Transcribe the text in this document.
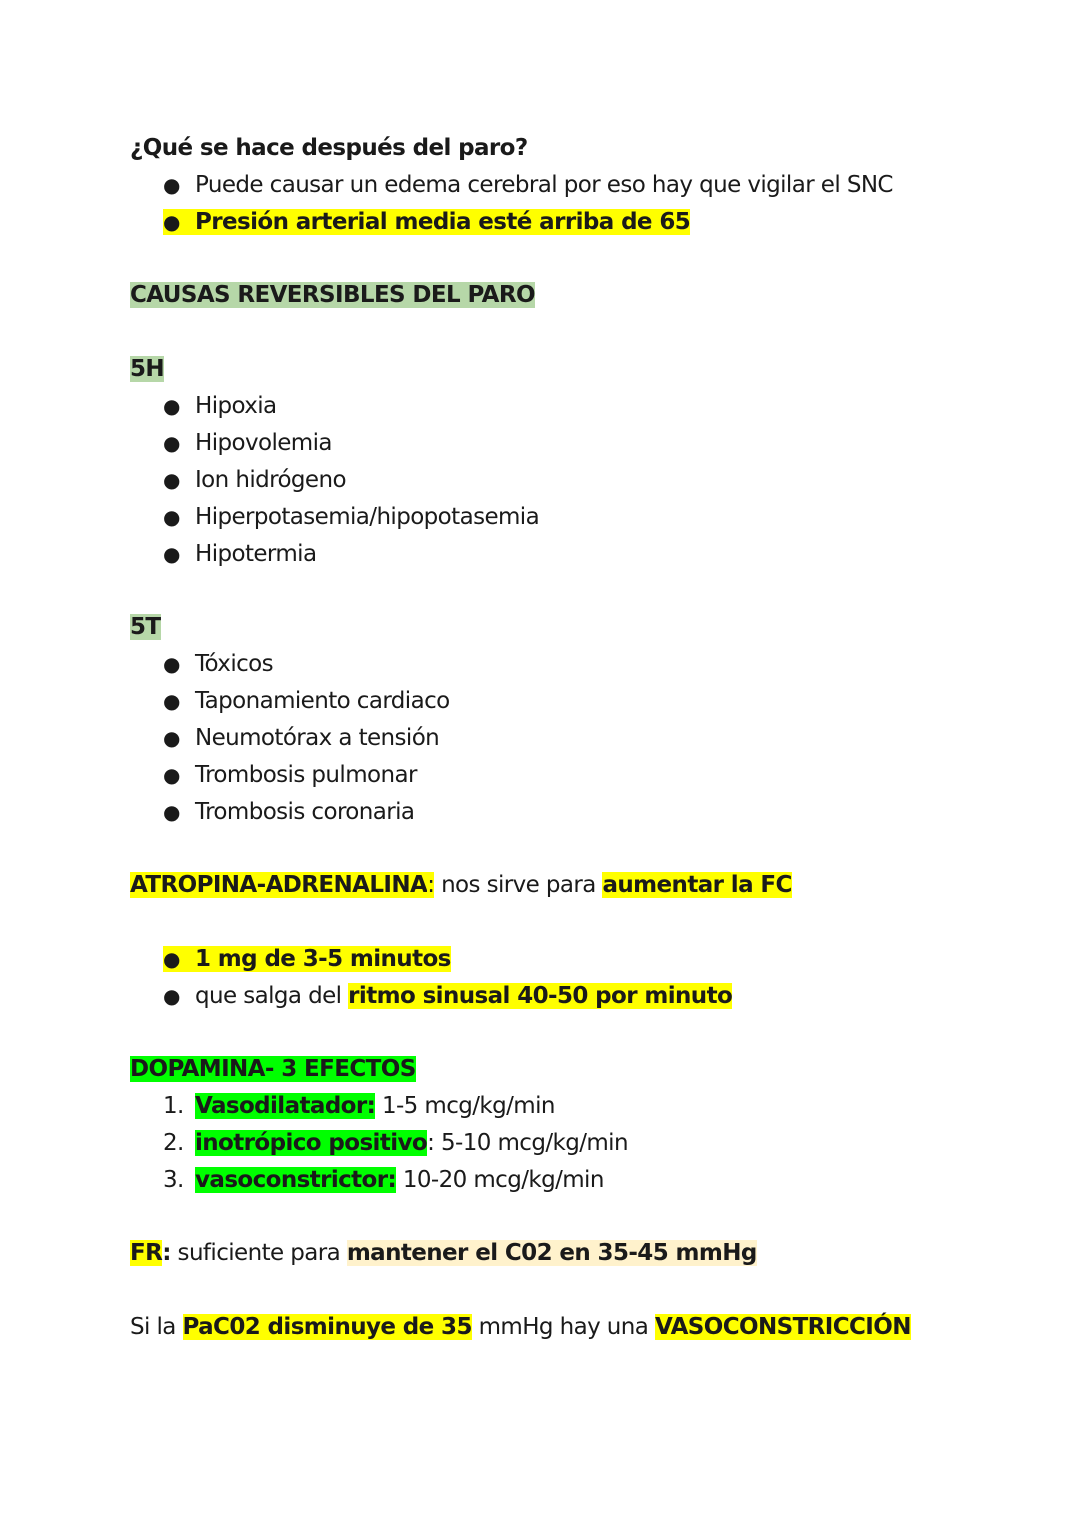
¿Qué se hace después del paro?
● Puede causar un edema cerebral por eso hay que vigilar el SNC
● Presión arterial media esté arriba de 65
CAUSAS REVERSIBLES DEL PARO
5H
● Hipoxia
● Hipovolemia
● Ion hidrógeno
● Hiperpotasemia/hipopotasemia
● Hipotermia
5T
● Tóxicos
● Taponamiento cardiaco
● Neumotórax a tensión
● Trombosis pulmonar
● Trombosis coronaria
ATROPINA-ADRENALINA: nos sirve para aumentar la FC
● 1 mg de 3-5 minutos
● que salga del ritmo sinusal 40-50 por minuto
DOPAMINA- 3 EFECTOS
1. Vasodilatador: 1-5 mcg/kg/min
2. inotrópico positivo: 5-10 mcg/kg/min
3. vasoconstrictor: 10-20 mcg/kg/min
FR: suficiente para mantener el C02 en 35-45 mmHg
Si la PaC02 disminuye de 35 mmHg hay una VASOCONSTRICCIÓN
